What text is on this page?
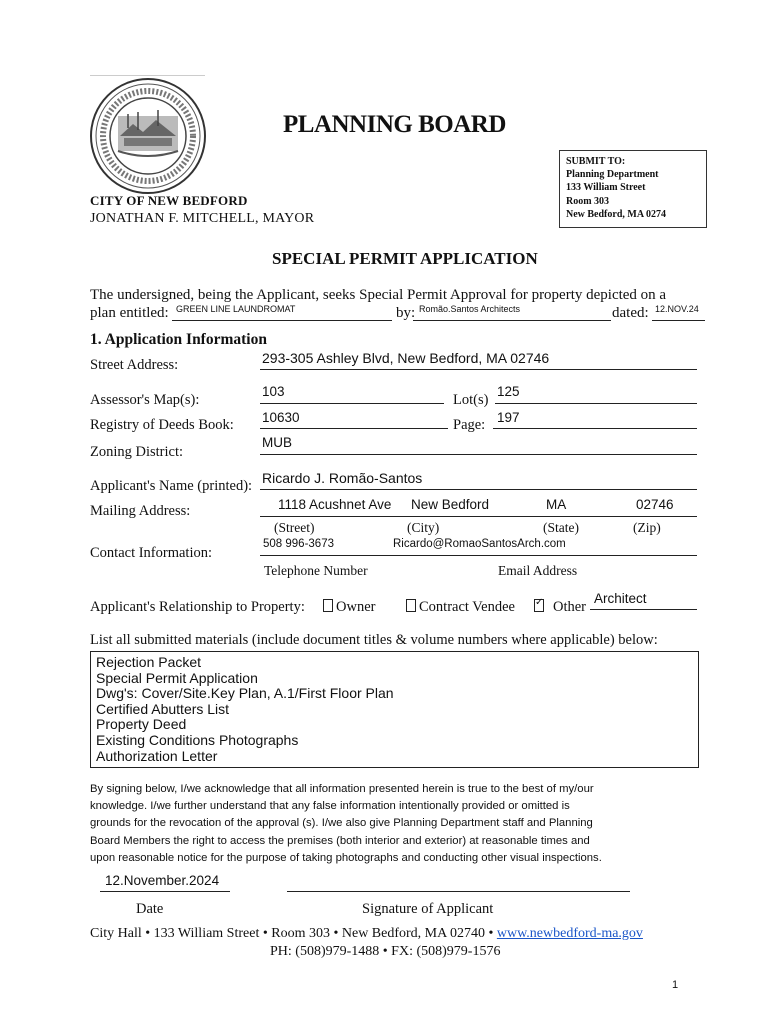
PLANNING BOARD
SUBMIT TO:
Planning Department
133 William Street
Room 303
New Bedford, MA 0274
CITY OF NEW BEDFORD
JONATHAN F. MITCHELL, MAYOR
SPECIAL PERMIT APPLICATION
The undersigned, being the Applicant, seeks Special Permit Approval for property depicted on a
plan entitled: GREEN LINE LAUNDROMAT	by: Romão.Santos Architects	dated: 12.NOV.24
1. Application Information
Street Address:	293-305 Ashley Blvd, New Bedford, MA 02746
Assessor's Map(s):
103
Lot(s)
125
Registry of Deeds Book: 10630	Page: 197
Zoning District:
MUB
Applicant's Name (printed): Ricardo J. Romão-Santos
Mailing Address:	1118 Acushnet Ave New Bedford	MA	02746
(Street)	(City)	(State)	(Zip)
Contact Information:
508 996-3673	Ricardo@RomaoSantosArch.com
Telephone Number	Email Address
Applicant's Relationship to Property:	Owner	Contract Vendee
✓	Other
Architect
List all submitted materials (include document titles & volume numbers where applicable) below:
Rejection Packet
Special Permit Application
Dwg's: Cover/Site.Key Plan, A.1/First Floor Plan
Certified Abutters List
Property Deed
Existing Conditions Photographs
Authorization Letter
By signing below, I/we acknowledge that all information presented herein is true to the best of my/our
knowledge. I/we further understand that any false information intentionally provided or omitted is
grounds for the revocation of the approval (s). I/we also give Planning Department staff and Planning
Board Members the right to access the premises (both interior and exterior) at reasonable times and
upon reasonable notice for the purpose of taking photographs and conducting other visual inspections.
12.November.2024
Date	Signature of Applicant
City Hall • 133 William Street • Room 303 • New Bedford, MA 02740 • www.newbedford-ma.gov
PH: (508)979-1488 • FX: (508)979-1576
1
